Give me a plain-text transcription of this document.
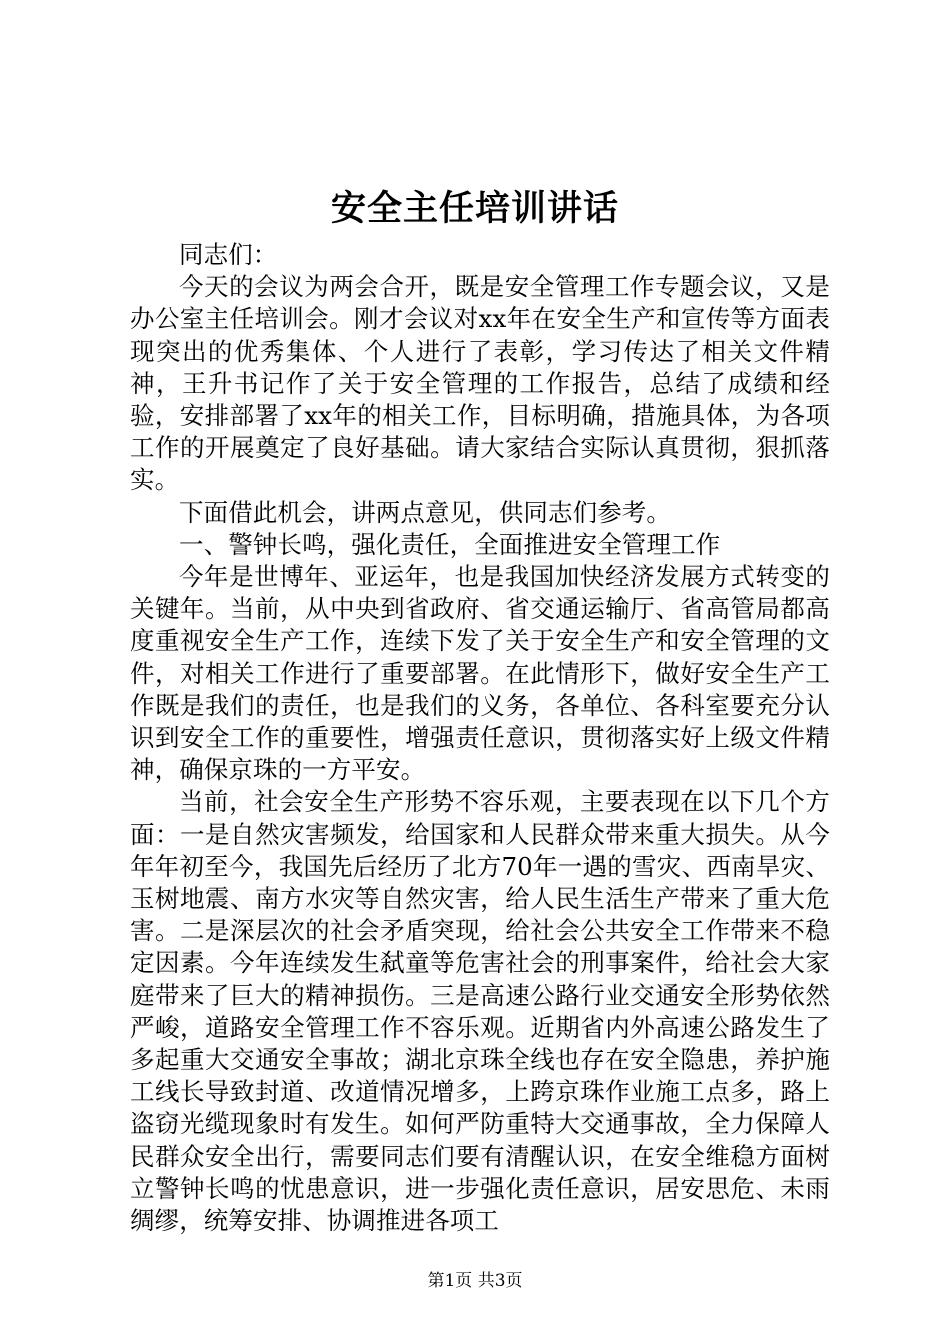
安全主任培训讲话

同志们：

今天的会议为两会合开，既是安全管理工作专题会议，又是办公室主任培训会。刚才会议对xx年在安全生产和宣传等方面表现突出的优秀集体、个人进行了表彰，学习传达了相关文件精神，王升书记作了关于安全管理的工作报告，总结了成绩和经验，安排部署了xx年的相关工作，目标明确，措施具体，为各项工作的开展奠定了良好基础。请大家结合实际认真贯彻，狠抓落实。

下面借此机会，讲两点意见，供同志们参考。

一、警钟长鸣，强化责任，全面推进安全管理工作

今年是世博年、亚运年，也是我国加快经济发展方式转变的关键年。当前，从中央到省政府、省交通运输厅、省高管局都高度重视安全生产工作，连续下发了关于安全生产和安全管理的文件，对相关工作进行了重要部署。在此情形下，做好安全生产工作既是我们的责任，也是我们的义务，各单位、各科室要充分认识到安全工作的重要性，增强责任意识，贯彻落实好上级文件精神，确保京珠的一方平安。

当前，社会安全生产形势不容乐观，主要表现在以下几个方面：一是自然灾害频发，给国家和人民群众带来重大损失。从今年年初至今，我国先后经历了北方70年一遇的雪灾、西南旱灾、玉树地震、南方水灾等自然灾害，给人民生活生产带来了重大危害。二是深层次的社会矛盾突现，给社会公共安全工作带来不稳定因素。今年连续发生弑童等危害社会的刑事案件，给社会大家庭带来了巨大的精神损伤。三是高速公路行业交通安全形势依然严峻，道路安全管理工作不容乐观。近期省内外高速公路发生了多起重大交通安全事故；湖北京珠全线也存在安全隐患，养护施工线长导致封道、改道情况增多，上跨京珠作业施工点多，路上盗窃光缆现象时有发生。如何严防重特大交通事故，全力保障人民群众安全出行，需要同志们要有清醒认识，在安全维稳方面树立警钟长鸣的忧患意识，进一步强化责任意识，居安思危、未雨绸缪，统筹安排、协调推进各项工

第1页 共3页
